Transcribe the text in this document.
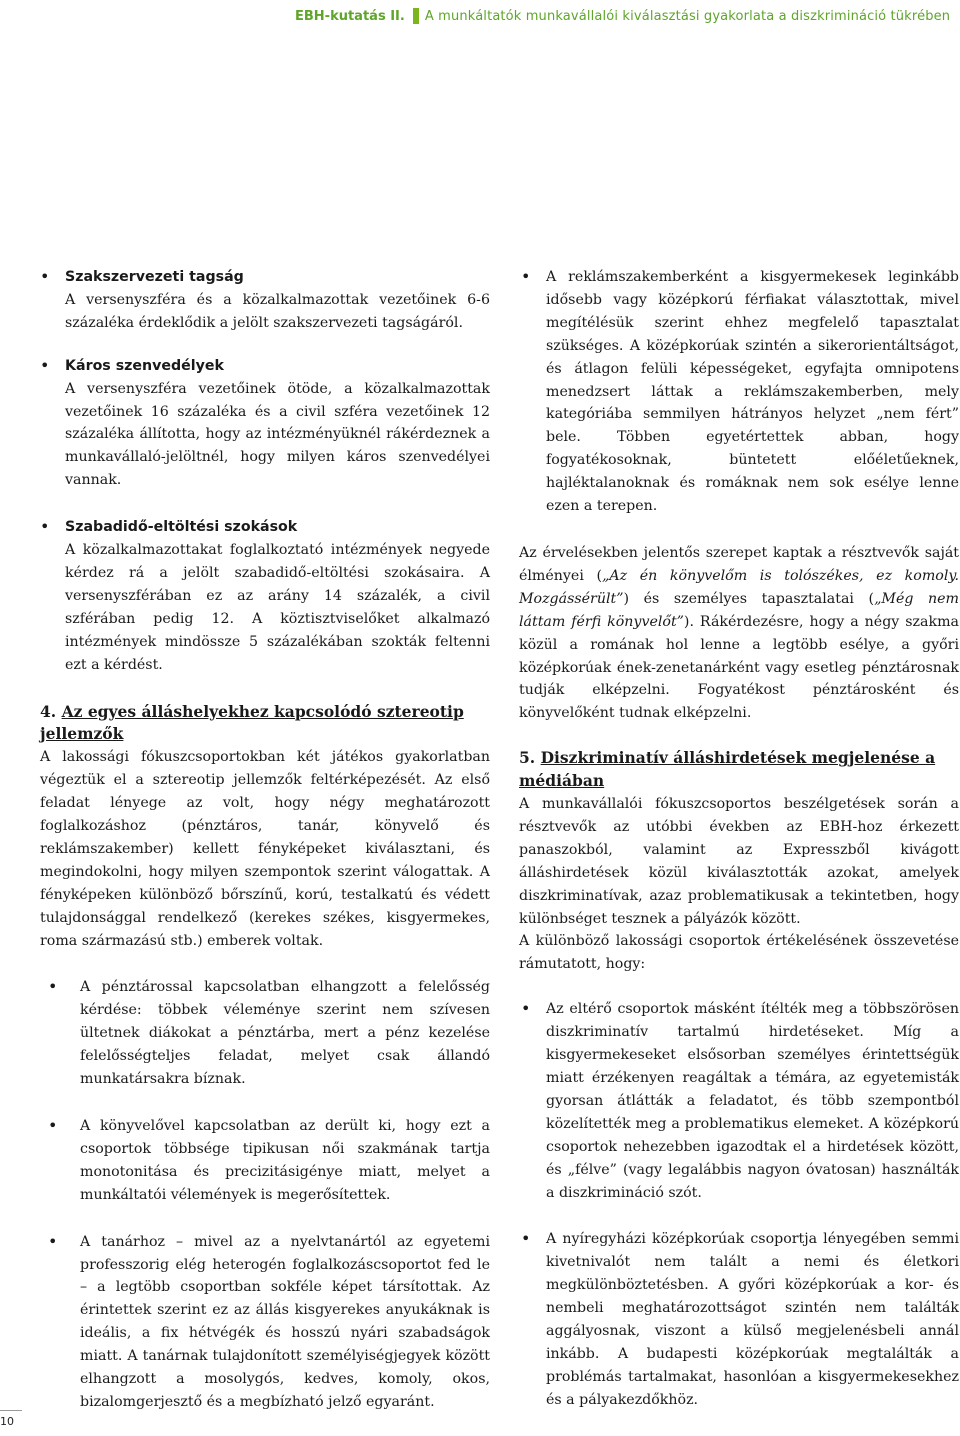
EBH-kutatás II. A munkáltatók munkavállalói kiválasztási gyakorlata a diszkrimináció tükrében
• Szakszervezeti tagság
A versenyszféra és a közalkalmazottak vezetőinek 6-6 százaléka érdeklődik a jelölt szakszervezeti tagságáról.
• Káros szenvedélyek
A versenyszféra vezetőinek ötöde, a közalkalmazottak vezetőinek 16 százaléka és a civil szféra vezetőinek 12 százaléka állította, hogy az intézményüknél rákérdeznek a munkavállaló-jelöltnél, hogy milyen káros szenvedélyei vannak.
• Szabadidő-eltöltési szokások
A közalkalmazottakat foglalkoztató intézmények negyede kérdez rá a jelölt szabadidő-eltöltési szokásaira. A versenyszférában ez az arány 14 százalék, a civil szférában pedig 12. A köztisztviselőket alkalmazó intézmények mindössze 5 százalékában szokták feltenni ezt a kérdést.
4. Az egyes álláshelyekhez kapcsolódó sztereotip jellemzők

A lakossági fókuszcsoportokban két játékos gyakorlatban végeztük el a sztereotip jellemzők feltérképezését. Az első feladat lényege az volt, hogy négy meghatározott foglalkozáshoz (pénztáros, tanár, könyvelő és reklámszakember) kellett fényképeket kiválasztani, és megindokolni, hogy milyen szempontok szerint válogattak. A fényképeken különböző bőrszínű, korú, testalkatú és védett tulajdonsággal rendelkező (kerekes székes, kisgyermekes, roma származású stb.) emberek voltak.

• A pénztárossal kapcsolatban elhangzott a felelősség kérdése: többek véleménye szerint nem szívesen ültetnek diákokat a pénztárba, mert a pénz kezelése felelősségteljes feladat, melyet csak állandó munkatársakra bíznak.

• A könyvelővel kapcsolatban az derült ki, hogy ezt a csoportok többsége tipikusan női szakmának tartja monotonitása és precizitásigénye miatt, melyet a munkáltatói vélemények is megerősítettek.

• A tanárhoz – mivel az a nyelvtanártól az egyetemi professzorig elég heterogén foglalkozáscsoportot fed le – a legtöbb csoportban sokféle képet társítottak. Az érintettek szerint ez az állás kisgyerekes anyukáknak is ideális, a fix hétvégék és hosszú nyári szabadságok miatt. A tanárnak tulajdonított személyiségjegyek között elhangzott a mosolygós, kedves, komoly, okos, bizalomgerjesztő és a megbízható jelző egyaránt.

• A reklámszakemberként a kisgyermekesek leginkább idősebb vagy középkorú férfiakat választottak, mivel megítélésük szerint ehhez megfelelő tapasztalat szükséges. A középkorúak szintén a sikerorientáltságot, és átlagon felüli képességeket, egyfajta omnipotens menedzsert láttak a reklámszakemberben, mely kategóriába semmilyen hátrányos helyzet „nem fért” bele. Többen egyetértettek abban, hogy fogyatékosoknak, büntetett előéletűeknek, hajléktalanoknak és romáknak nem sok esélye lenne ezen a terepen.

Az érvelésekben jelentős szerepet kaptak a résztvevők saját élményei („Az én könyvelőm is tolószékes, ez komoly. Mozgássérült”) és személyes tapasztalatai („Még nem láttam férfi könyvelőt”). Rákérdezésre, hogy a négy szakma közül a romának hol lenne a legtöbb esélye, a győri középkorúak ének-zenetanárként vagy esetleg pénztárosnak tudják elképzelni. Fogyatékost pénztárosként és könyvelőként tudnak elképzelni.

5. Diszkriminatív álláshirdetések megjelenése a médiában

A munkavállalói fókuszcsoportos beszélgetések során a résztvevők az utóbbi években az EBH-hoz érkezett panaszokból, valamint az Expresszből kivágott álláshirdetések közül kiválasztották azokat, amelyek diszkriminatívak, azaz problematikusak a tekintetben, hogy különbséget tesznek a pályázók között.

A különböző lakossági csoportok értékelésének összevetése rámutatott, hogy:

• Az eltérő csoportok másként ítélték meg a többszörösen diszkriminatív tartalmú hirdetéseket. Míg a kisgyermekeseket elsősorban személyes érintettségük miatt érzékenyen reagáltak a témára, az egyetemisták gyorsan átlátták a feladatot, és több szempontból közelítették meg a problematikus elemeket. A középkorú csoportok nehezebben igazodtak el a hirdetések között, és „félve” (vagy legalábbis nagyon óvatosan) használták a diszkrimináció szót.

• A nyíregyházi középkorúak csoportja lényegében semmi kivetnivalót nem talált a nemi és életkori megkülönböztetésben. A győri középkorúak a kor- és nembeli meghatározottságot szintén nem találták aggályosnak, viszont a külső megjelenésbeli annál inkább. A budapesti középkorúak megtalálták a problémás tartalmakat, hasonlóan a kisgyermekesekhez és a pályakezdőkhöz.

10
